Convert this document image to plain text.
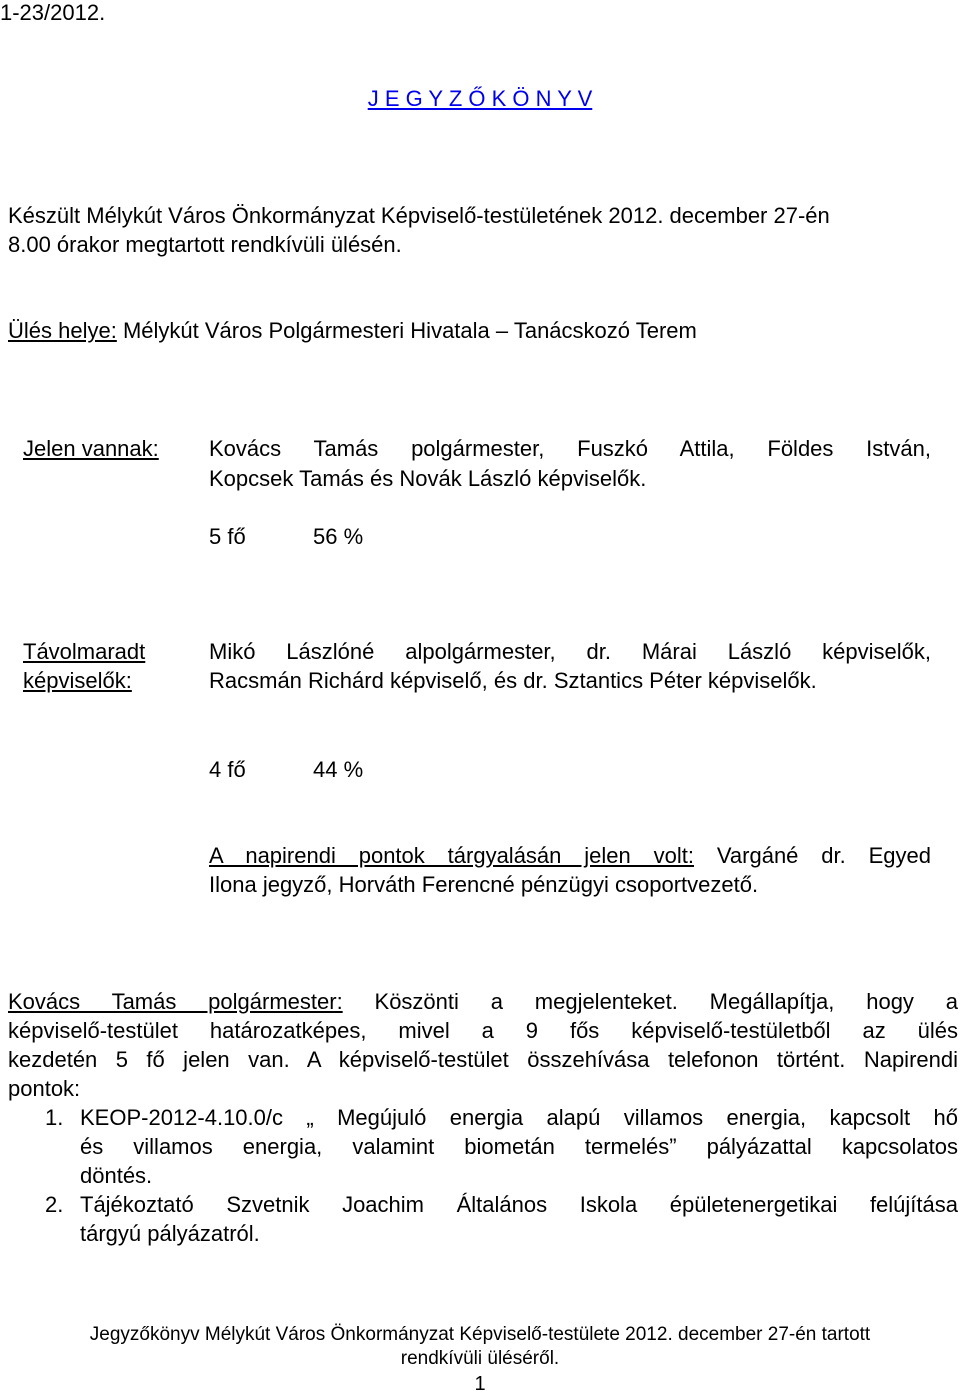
1-23/2012.
J E G Y Z Ő K Ö N Y V
Készült Mélykút Város Önkormányzat Képviselő-testületének 2012. december 27-én
8.00 órakor megtartott rendkívüli ülésén.
Ülés helye: Mélykút Város Polgármesteri Hivatala – Tanácskozó Terem
Jelen vannak: Kovács Tamás polgármester, Fuszkó Attila, Földes István,
Kopcsek Tamás és Novák László képviselők.
5 fő	56 %
Távolmaradt
képviselők:
Mikó Lászlóné alpolgármester, dr. Márai László képviselők,
Racsmán Richárd képviselő, és dr. Sztantics Péter képviselők.
4 fő	44 %
A napirendi pontok tárgyalásán jelen volt: Vargáné dr. Egyed
Ilona jegyző, Horváth Ferencné pénzügyi csoportvezető.
Kovács Tamás polgármester: Köszönti a megjelenteket. Megállapítja, hogy a
képviselő-testület határozatképes, mivel a 9 fős képviselő-testületből az ülés
kezdetén 5 fő jelen van. A képviselő-testület összehívása telefonon történt. Napirendi
pontok:
1. KEOP-2012-4.10.0/c „ Megújuló energia alapú villamos energia, kapcsolt hő
és villamos energia, valamint biometán termelés” pályázattal kapcsolatos
döntés.
2. Tájékoztató Szvetnik Joachim Általános Iskola épületenergetikai felújítása
tárgyú pályázatról.
Jegyzőkönyv Mélykút Város Önkormányzat Képviselő-testülete 2012. december 27-én tartott
rendkívüli üléséről.
1
